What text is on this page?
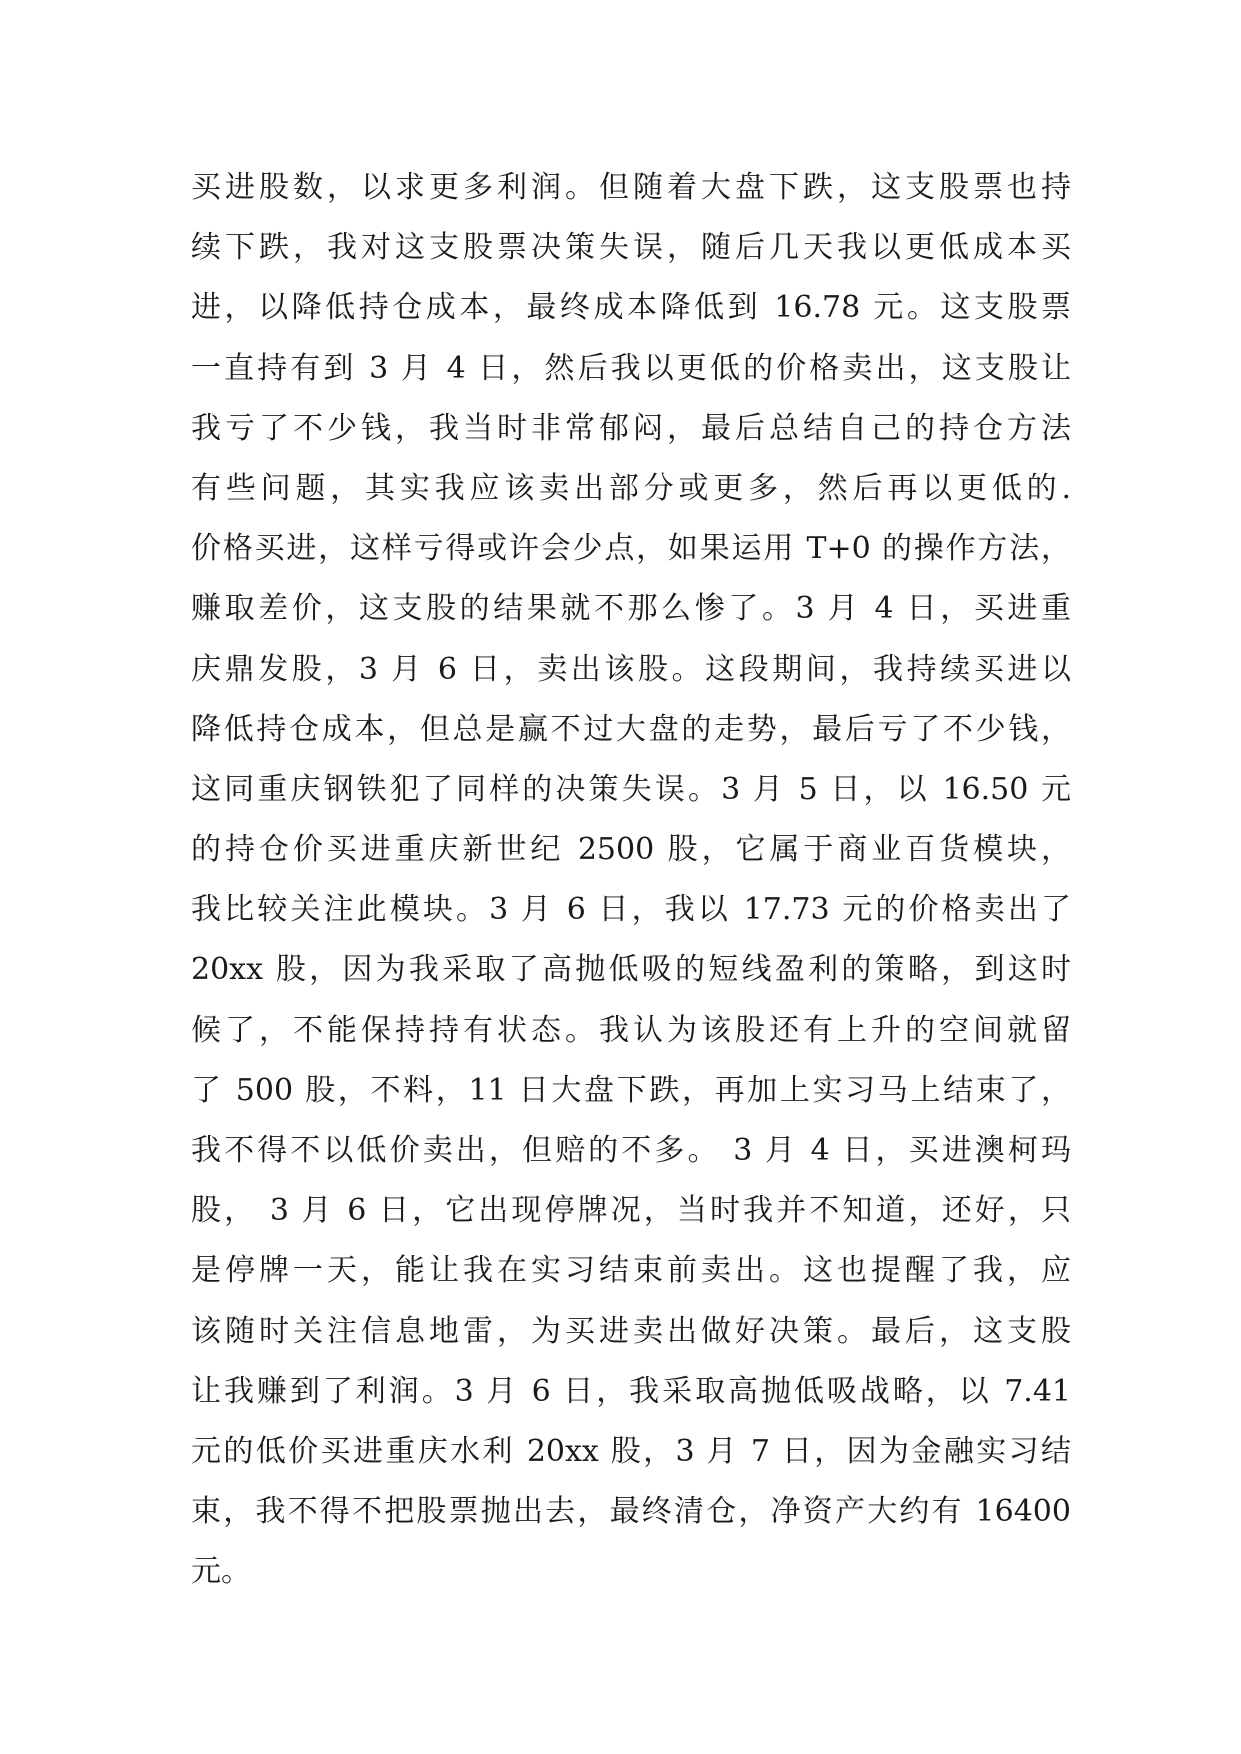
买进股数，以求更多利润。但随着大盘下跌，这支股票也持
续下跌，我对这支股票决策失误，随后几天我以更低成本买
进，以降低持仓成本，最终成本降低到 16.78 元。这支股票
一直持有到 3 月 4 日，然后我以更低的价格卖出，这支股让
我亏了不少钱，我当时非常郁闷，最后总结自己的持仓方法
有些问题，其实我应该卖出部分或更多，然后再以更低的.
价格买进，这样亏得或许会少点，如果运用 T+0 的操作方法，
赚取差价，这支股的结果就不那么惨了。3 月 4 日，买进重
庆鼎发股，3 月 6 日，卖出该股。这段期间，我持续买进以
降低持仓成本，但总是赢不过大盘的走势，最后亏了不少钱，
这同重庆钢铁犯了同样的决策失误。3 月 5 日，以 16.50 元
的持仓价买进重庆新世纪 2500 股，它属于商业百货模块，
我比较关注此模块。3 月 6 日，我以 17.73 元的价格卖出了
20xx 股，因为我采取了高抛低吸的短线盈利的策略，到这时
候了，不能保持持有状态。我认为该股还有上升的空间就留
了 500 股，不料，11 日大盘下跌，再加上实习马上结束了，
我不得不以低价卖出，但赔的不多。 3 月 4 日，买进澳柯玛
股， 3 月 6 日，它出现停牌况，当时我并不知道，还好，只
是停牌一天，能让我在实习结束前卖出。这也提醒了我，应
该随时关注信息地雷，为买进卖出做好决策。最后，这支股
让我赚到了利润。3 月 6 日，我采取高抛低吸战略，以 7.41
元的低价买进重庆水利 20xx 股，3 月 7 日，因为金融实习结
束，我不得不把股票抛出去，最终清仓，净资产大约有 16400
元。
